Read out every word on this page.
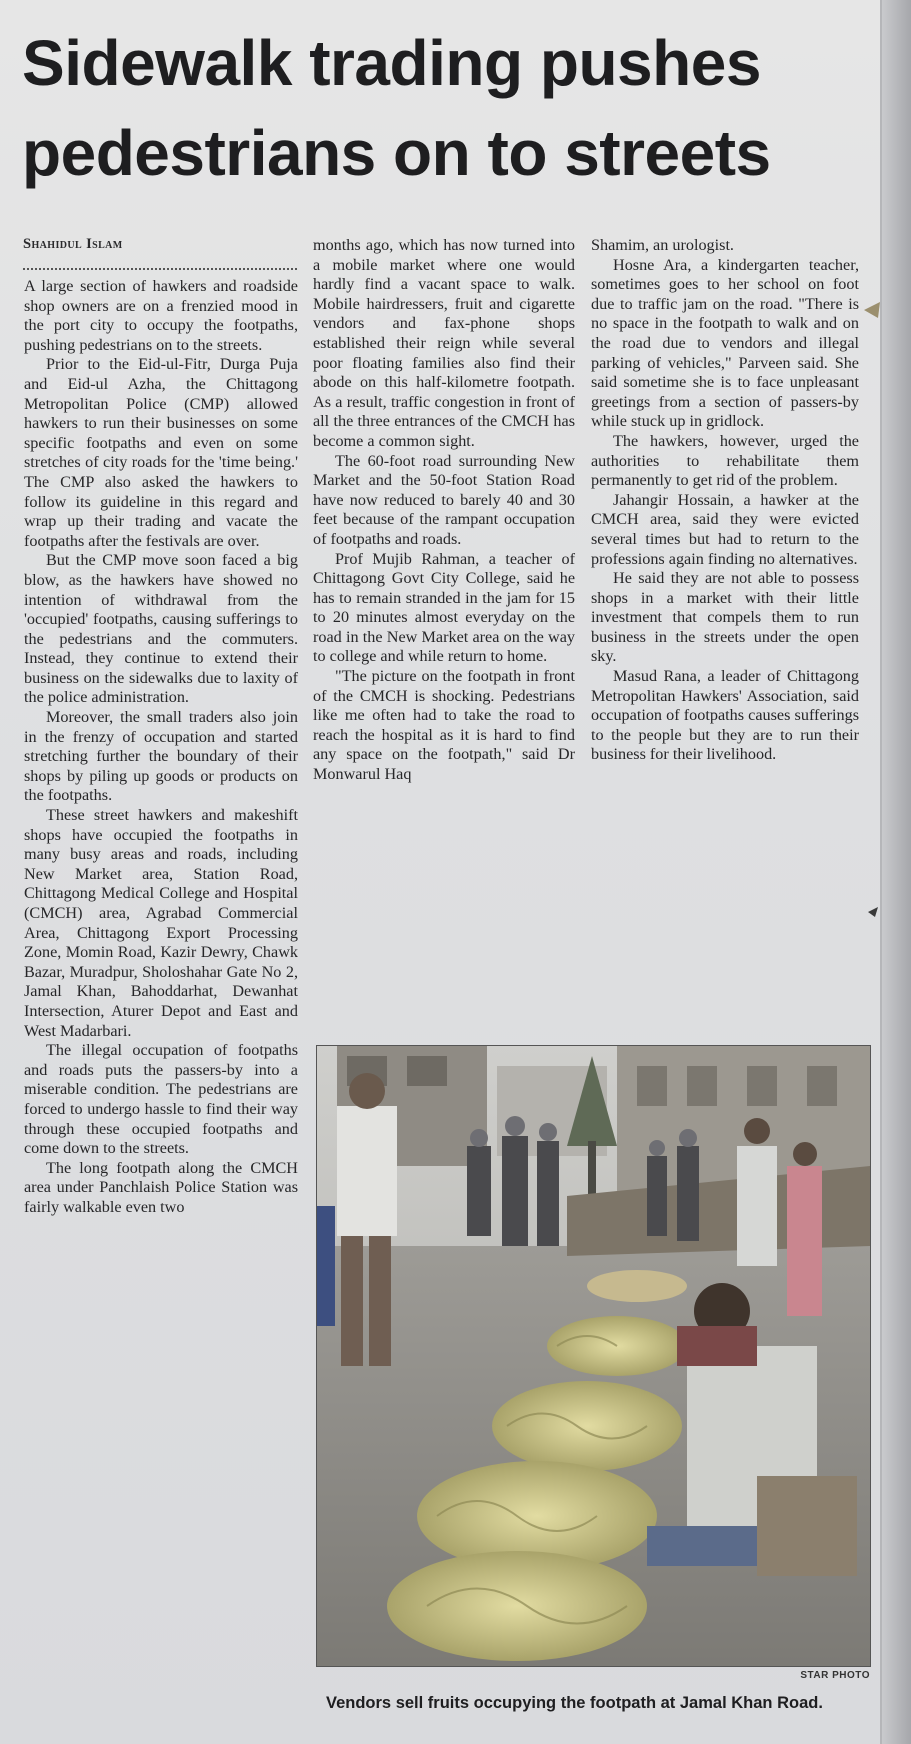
Sidewalk trading pushes
pedestrians on to streets
Shahidul Islam

A large section of hawkers and roadside shop owners are on a frenzied mood in the port city to occupy the footpaths, pushing pedestrians on to the streets.

Prior to the Eid-ul-Fitr, Durga Puja and Eid-ul Azha, the Chittagong Metropolitan Police (CMP) allowed hawkers to run their businesses on some specific footpaths and even on some stretches of city roads for the 'time being.' The CMP also asked the hawkers to follow its guideline in this regard and wrap up their trading and vacate the footpaths after the festivals are over.

But the CMP move soon faced a big blow, as the hawkers have showed no intention of withdrawal from the 'occupied' footpaths, causing sufferings to the pedestrians and the commuters. Instead, they continue to extend their business on the sidewalks due to laxity of the police administration.

Moreover, the small traders also join in the frenzy of occupation and started stretching further the boundary of their shops by piling up goods or products on the footpaths.

These street hawkers and makeshift shops have occupied the footpaths in many busy areas and roads, including New Market area, Station Road, Chittagong Medical College and Hospital (CMCH) area, Agrabad Commercial Area, Chittagong Export Processing Zone, Momin Road, Kazir Dewry, Chawk Bazar, Muradpur, Sholoshahar Gate No 2, Jamal Khan, Bahoddarhat, Dewanhat Intersection, Aturer Depot and East and West Madarbari.

The illegal occupation of footpaths and roads puts the passers-by into a miserable condition. The pedestrians are forced to undergo hassle to find their way through these occupied footpaths and come down to the streets.

The long footpath along the CMCH area under Panchlaish Police Station was fairly walkable even two

months ago, which has now turned into a mobile market where one would hardly find a vacant space to walk. Mobile hairdressers, fruit and cigarette vendors and fax-phone shops established their reign while several poor floating families also find their abode on this half-kilometre footpath. As a result, traffic congestion in front of all the three entrances of the CMCH has become a common sight.

The 60-foot road surrounding New Market and the 50-foot Station Road have now reduced to barely 40 and 30 feet because of the rampant occupation of footpaths and roads.

Prof Mujib Rahman, a teacher of Chittagong Govt City College, said he has to remain stranded in the jam for 15 to 20 minutes almost everyday on the road in the New Market area on the way to college and while return to home.

"The picture on the footpath in front of the CMCH is shocking. Pedestrians like me often had to take the road to reach the hospital as it is hard to find any space on the footpath," said Dr Monwarul Haq

Shamim, an urologist.

Hosne Ara, a kindergarten teacher, sometimes goes to her school on foot due to traffic jam on the road. "There is no space in the footpath to walk and on the road due to vendors and illegal parking of vehicles," Parveen said. She said sometime she is to face unpleasant greetings from a section of passers-by while stuck up in gridlock.

The hawkers, however, urged the authorities to rehabilitate them permanently to get rid of the problem.

Jahangir Hossain, a hawker at the CMCH area, said they were evicted several times but had to return to the professions again finding no alternatives.

He said they are not able to possess shops in a market with their little investment that compels them to run business in the streets under the open sky.

Masud Rana, a leader of Chittagong Metropolitan Hawkers' Association, said occupation of footpaths causes sufferings to the people but they are to run their business for their livelihood.

STAR PHOTO
Vendors sell fruits occupying the footpath at Jamal Khan Road.
